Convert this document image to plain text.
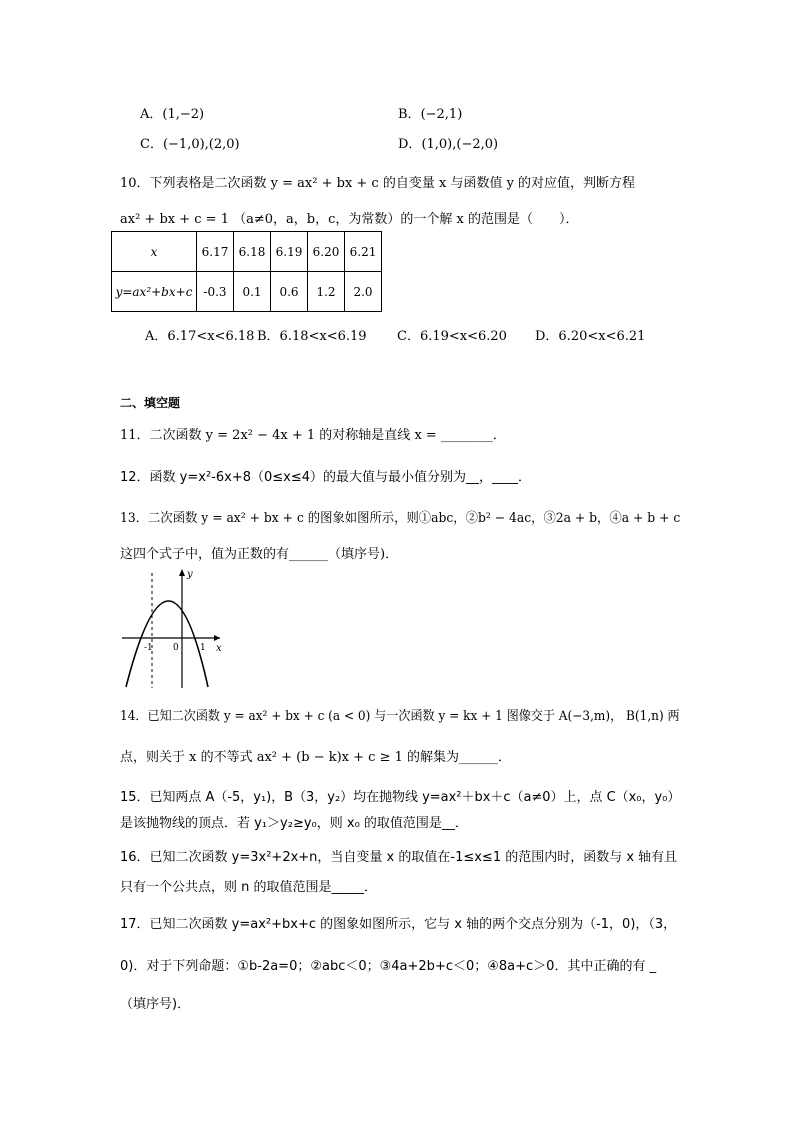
A．(1,−2)	B．(−2,1)
C．(−1,0),(2,0)	D．(1,0),(−2,0)
10．下列表格是二次函数 y = ax² + bx + c 的自变量 x 与函数值 y 的对应值，判断方程
ax² + bx + c = 1 （a≠0，a，b，c，为常数）的一个解 x 的范围是（　　）．
x	6.17	6.18	6.19	6.20	6.21
y=ax²+bx+c	-0.3	0.1	0.6	1.2	2.0
A．6.17<x<6.18 B．6.18<x<6.19 C．6.19<x<6.20 D．6.20<x<6.21
二、填空题
11．二次函数 y = 2x² − 4x + 1 的对称轴是直线 x = ________．
12．函数 y=x²-6x+8（0≤x≤4）的最大值与最小值分别为__，____．
13．二次函数 y = ax² + bx + c 的图象如图所示，则①abc，②b² − 4ac，③2a + b，④a + b + c
这四个式子中，值为正数的有______（填序号)．
y
x
-1 0 1
14．已知二次函数 y = ax² + bx + c (a < 0) 与一次函数 y = kx + 1 图像交于 A(−3,m)， B(1,n) 两
点，则关于 x 的不等式 ax² + (b − k)x + c ≥ 1 的解集为______．
15．已知两点 A（-5，y₁)，B（3，y₂）均在抛物线 y=ax²＋bx＋c（a≠0）上，点 C（x₀，y₀）
是该抛物线的顶点．若 y₁＞y₂≥y₀，则 x₀ 的取值范围是__．
16．已知二次函数 y=3x²+2x+n，当自变量 x 的取值在-1≤x≤1 的范围内时，函数与 x 轴有且
只有一个公共点，则 n 的取值范围是_____．
17．已知二次函数 y=ax²+bx+c 的图象如图所示，它与 x 轴的两个交点分别为（-1，0)，（3，
0)．对于下列命题：①b-2a=0；②abc＜0；③4a+2b+c＜0；④8a+c＞0．其中正确的有 _
（填序号)．
